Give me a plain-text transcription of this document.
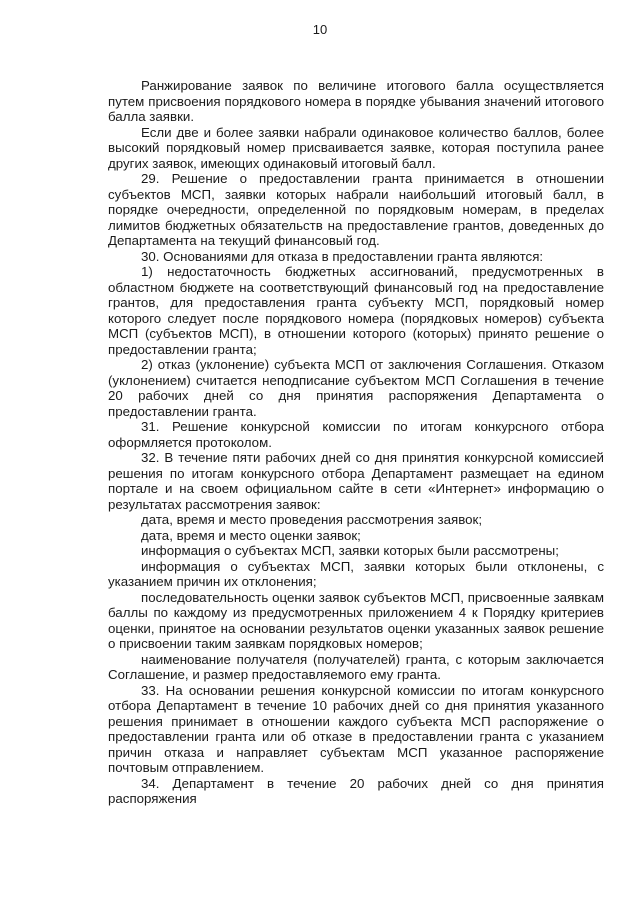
10

Ранжирование заявок по величине итогового балла осуществляется путем присвоения порядкового номера в порядке убывания значений итогового балла заявки.

Если две и более заявки набрали одинаковое количество баллов, более высокий порядковый номер присваивается заявке, которая поступила ранее других заявок, имеющих одинаковый итоговый балл.

29. Решение о предоставлении гранта принимается в отношении субъектов МСП, заявки которых набрали наибольший итоговый балл, в порядке очередности, определенной по порядковым номерам, в пределах лимитов бюджетных обязательств на предоставление грантов, доведенных до Департамента на текущий финансовый год.

30. Основаниями для отказа в предоставлении гранта являются:

1) недостаточность бюджетных ассигнований, предусмотренных в областном бюджете на соответствующий финансовый год на предоставление грантов, для предоставления гранта субъекту МСП, порядковый номер которого следует после порядкового номера (порядковых номеров) субъекта МСП (субъектов МСП), в отношении которого (которых) принято решение о предоставлении гранта;

2) отказ (уклонение) субъекта МСП от заключения Соглашения. Отказом (уклонением) считается неподписание субъектом МСП Соглашения в течение 20 рабочих дней со дня принятия распоряжения Департамента о предоставлении гранта.

31. Решение конкурсной комиссии по итогам конкурсного отбора оформляется протоколом.

32. В течение пяти рабочих дней со дня принятия конкурсной комиссией решения по итогам конкурсного отбора Департамент размещает на едином портале и на своем официальном сайте в сети «Интернет» информацию о результатах рассмотрения заявок:

дата, время и место проведения рассмотрения заявок;

дата, время и место оценки заявок;

информация о субъектах МСП, заявки которых были рассмотрены;

информация о субъектах МСП, заявки которых были отклонены, с указанием причин их отклонения;

последовательность оценки заявок субъектов МСП, присвоенные заявкам баллы по каждому из предусмотренных приложением 4 к Порядку критериев оценки, принятое на основании результатов оценки указанных заявок решение о присвоении таким заявкам порядковых номеров;

наименование получателя (получателей) гранта, с которым заключается Соглашение, и размер предоставляемого ему гранта.

33. На основании решения конкурсной комиссии по итогам конкурсного отбора Департамент в течение 10 рабочих дней со дня принятия указанного решения принимает в отношении каждого субъекта МСП распоряжение о предоставлении гранта или об отказе в предоставлении гранта с указанием причин отказа и направляет субъектам МСП указанное распоряжение почтовым отправлением.

34. Департамент в течение 20 рабочих дней со дня принятия распоряжения
